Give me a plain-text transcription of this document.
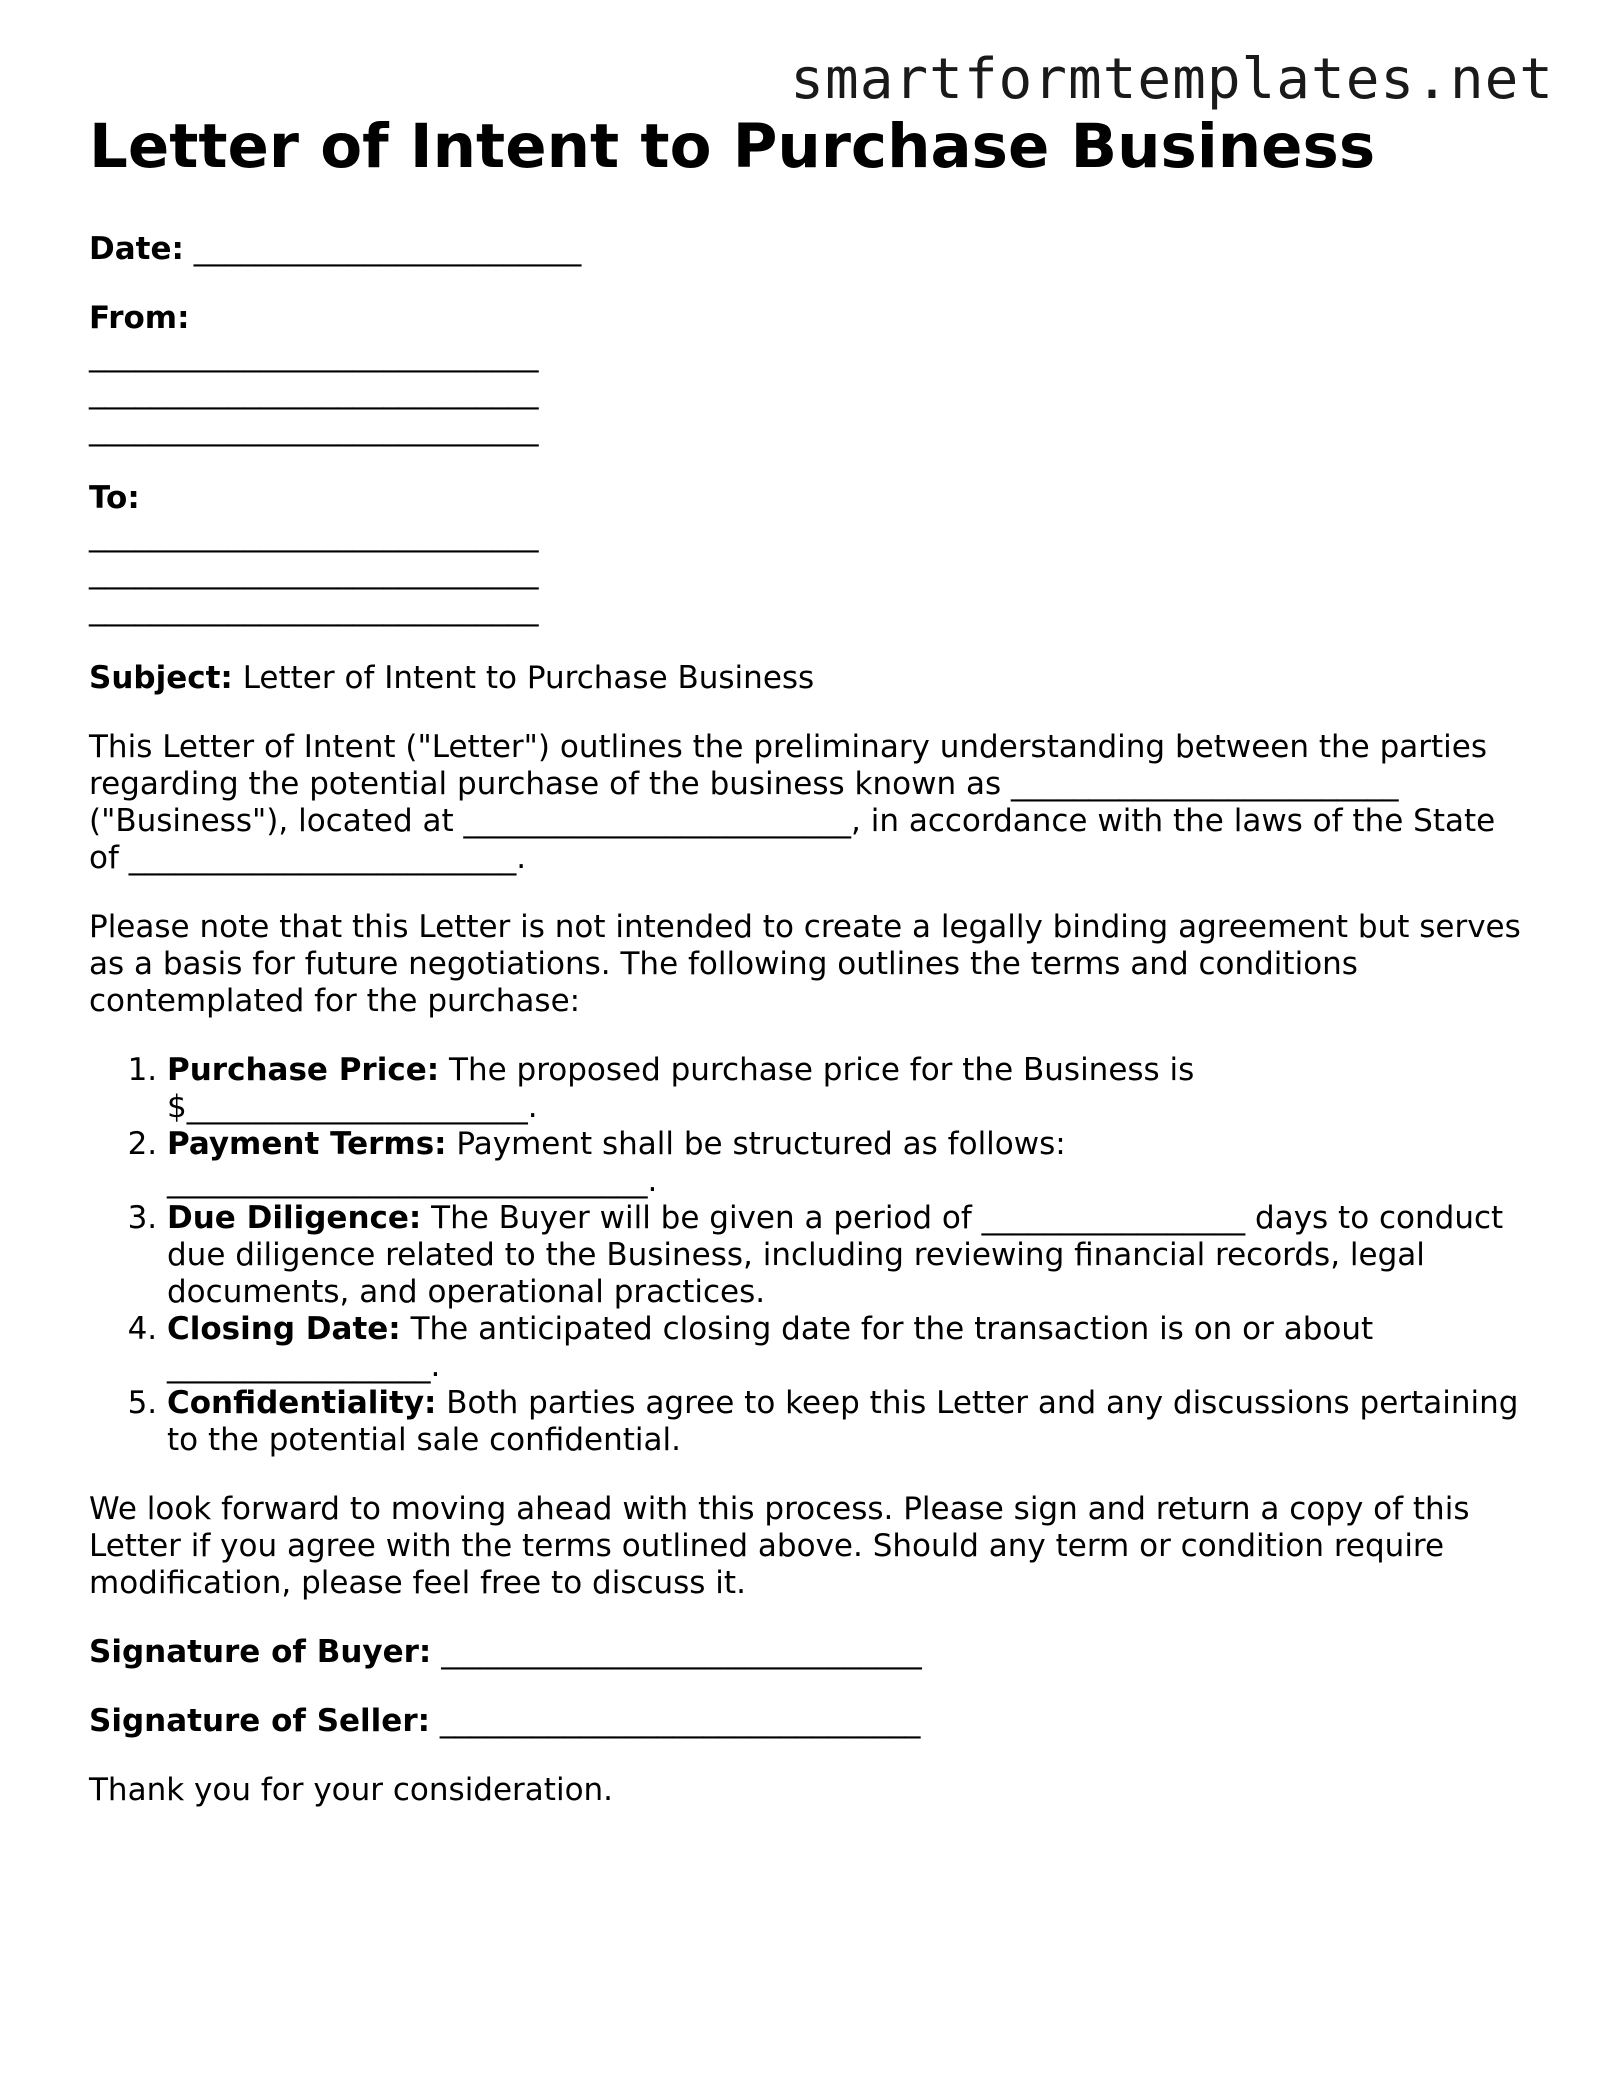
smartformtemplates.net
Letter of Intent to Purchase Business
Date: _________________________
From:
_____________________________
_____________________________
_____________________________
To:
_____________________________
_____________________________
_____________________________

Subject: Letter of Intent to Purchase Business

This Letter of Intent ("Letter") outlines the preliminary understanding between the parties regarding the potential purchase of the business known as _________________________ ("Business"), located at _________________________, in accordance with the laws of the State of _________________________.

Please note that this Letter is not intended to create a legally binding agreement but serves as a basis for future negotiations. The following outlines the terms and conditions contemplated for the purchase:

1. Purchase Price: The proposed purchase price for the Business is $______________________.
2. Payment Terms: Payment shall be structured as follows: _______________________________.
3. Due Diligence: The Buyer will be given a period of _________________ days to conduct due diligence related to the Business, including reviewing financial records, legal documents, and operational practices.
4. Closing Date: The anticipated closing date for the transaction is on or about _________________.
5. Confidentiality: Both parties agree to keep this Letter and any discussions pertaining to the potential sale confidential.

We look forward to moving ahead with this process. Please sign and return a copy of this Letter if you agree with the terms outlined above. Should any term or condition require modification, please feel free to discuss it.

Signature of Buyer: _______________________________
Signature of Seller: _______________________________

Thank you for your consideration.
